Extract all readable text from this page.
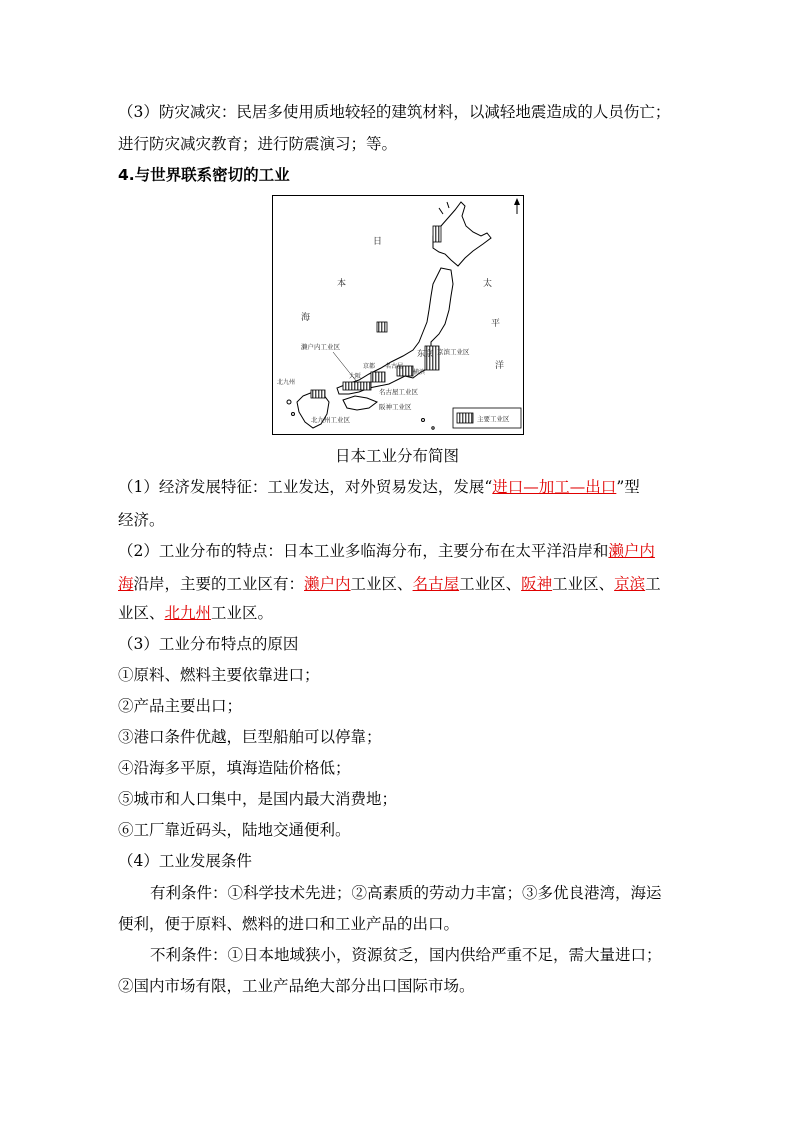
（3）防灾减灾：民居多使用质地较轻的建筑材料，以减轻地震造成的人员伤亡；
进行防灾减灾教育；进行防震演习；等。
4.与世界联系密切的工业
日
本
海
太
平
洋
东京
京都
大阪
名古屋
横滨
北九州
濑户内工业区
京滨工业区
名古屋工业区
阪神工业区
北九州工业区	主要工业区
日本工业分布简图
（1）经济发展特征：工业发达，对外贸易发达，发展“进口—加工—出口”型
经济。
（2）工业分布的特点：日本工业多临海分布，主要分布在太平洋沿岸和濑户内
海沿岸，主要的工业区有：濑户内工业区、名古屋工业区、阪神工业区、京滨工
业区、北九州工业区。
（3）工业分布特点的原因
①原料、燃料主要依靠进口；
②产品主要出口；
③港口条件优越，巨型船舶可以停靠；
④沿海多平原，填海造陆价格低；
⑤城市和人口集中，是国内最大消费地；
⑥工厂靠近码头，陆地交通便利。
（4）工业发展条件
有利条件：①科学技术先进；②高素质的劳动力丰富；③多优良港湾，海运
便利，便于原料、燃料的进口和工业产品的出口。
不利条件：①日本地域狭小，资源贫乏，国内供给严重不足，需大量进口；
②国内市场有限，工业产品绝大部分出口国际市场。
